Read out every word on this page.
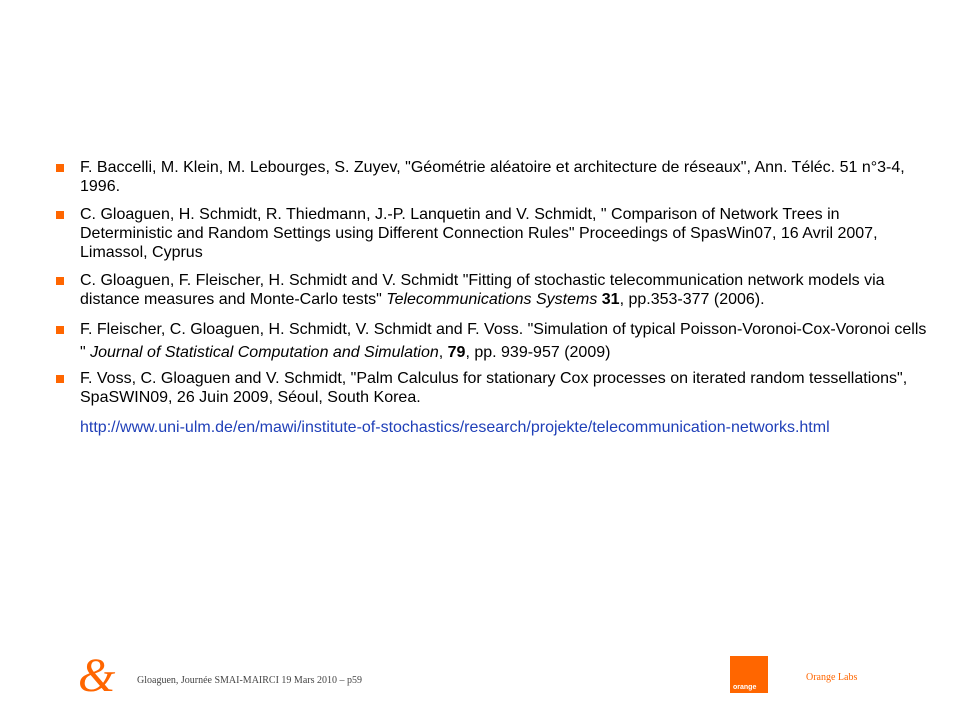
F. Baccelli, M. Klein, M. Lebourges, S. Zuyev, "Géométrie aléatoire et architecture de réseaux", Ann. Téléc. 51 n°3-4, 1996.
C. Gloaguen, H. Schmidt, R. Thiedmann, J.-P. Lanquetin and V. Schmidt, " Comparison of Network Trees in Deterministic and Random Settings using Different Connection Rules" Proceedings of SpasWin07, 16 Avril 2007, Limassol, Cyprus
C. Gloaguen, F. Fleischer, H. Schmidt and V. Schmidt "Fitting of stochastic telecommunication network models via distance measures and Monte-Carlo tests" Telecommunications Systems 31, pp.353-377 (2006).
F. Fleischer, C. Gloaguen, H. Schmidt, V. Schmidt and F. Voss. "Simulation of typical Poisson-Voronoi-Cox-Voronoi cells " Journal of Statistical Computation and Simulation, 79, pp. 939-957 (2009)
F. Voss, C. Gloaguen and V. Schmidt, "Palm Calculus for stationary Cox processes on iterated random tessellations", SpaSWIN09, 26 Juin 2009, Séoul, South Korea.
http://www.uni-ulm.de/en/mawi/institute-of-stochastics/research/projekte/telecommunication-networks.html
& Gloaguen, Journée SMAI-MAIRCI 19 Mars 2010 – p59
orange
Orange Labs
